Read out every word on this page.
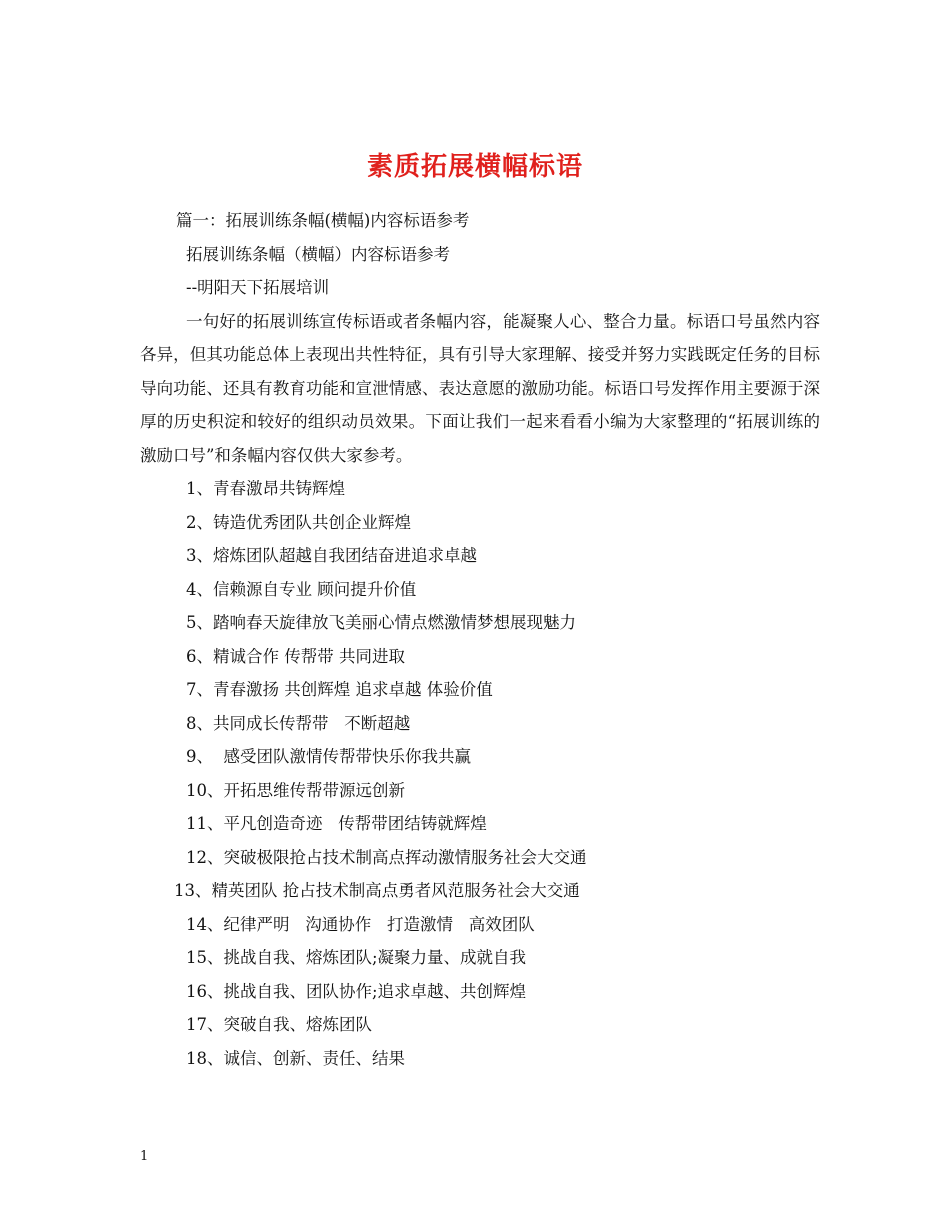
素质拓展横幅标语

篇一：拓展训练条幅(横幅)内容标语参考

拓展训练条幅（横幅）内容标语参考

--明阳天下拓展培训

一句好的拓展训练宣传标语或者条幅内容，能凝聚人心、整合力量。标语口号虽然内容各异，但其功能总体上表现出共性特征，具有引导大家理解、接受并努力实践既定任务的目标导向功能、还具有教育功能和宣泄情感、表达意愿的激励功能。标语口号发挥作用主要源于深厚的历史积淀和较好的组织动员效果。下面让我们一起来看看小编为大家整理的“拓展训练的激励口号”和条幅内容仅供大家参考。

1、青春激昂共铸辉煌
2、铸造优秀团队共创企业辉煌
3、熔炼团队超越自我团结奋进追求卓越
4、信赖源自专业 顾问提升价值
5、踏响春天旋律放飞美丽心情点燃激情梦想展现魅力
6、精诚合作 传帮带 共同进取
7、青春激扬 共创辉煌 追求卓越 体验价值
8、共同成长传帮带   不断超越
9、  感受团队激情传帮带快乐你我共赢
10、开拓思维传帮带源远创新
11、平凡创造奇迹   传帮带团结铸就辉煌
12、突破极限抢占技术制高点挥动激情服务社会大交通
13、精英团队 抢占技术制高点勇者风范服务社会大交通
14、纪律严明   沟通协作   打造激情   高效团队
15、挑战自我、熔炼团队;凝聚力量、成就自我
16、挑战自我、团队协作;追求卓越、共创辉煌
17、突破自我、熔炼团队
18、诚信、创新、责任、结果
1
